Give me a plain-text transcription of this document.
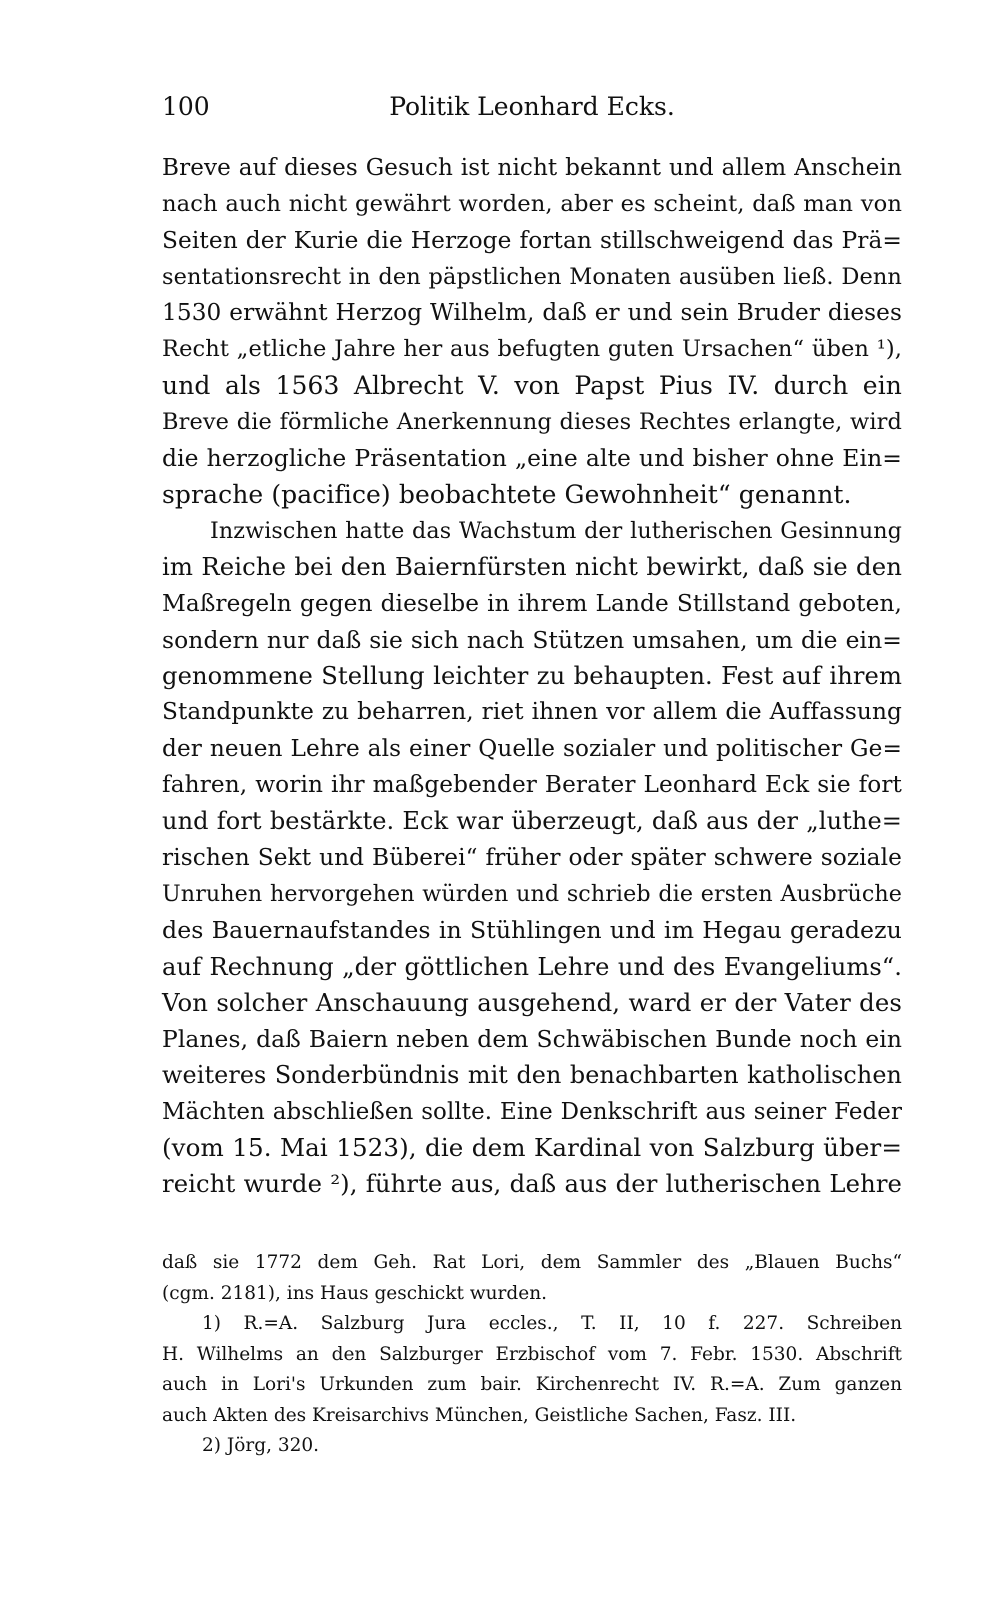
100	Politik Leonhard Ecks.
Breve auf dieses Gesuch ist nicht bekannt und allem Anschein
nach auch nicht gewährt worden, aber es scheint, daß man von
Seiten der Kurie die Herzoge fortan stillschweigend das Prä=
sentationsrecht in den päpstlichen Monaten ausüben ließ. Denn
1530 erwähnt Herzog Wilhelm, daß er und sein Bruder dieses
Recht „etliche Jahre her aus befugten guten Ursachen“ üben ¹),
und als 1563 Albrecht V. von Papst Pius IV. durch ein
Breve die förmliche Anerkennung dieses Rechtes erlangte, wird
die herzogliche Präsentation „eine alte und bisher ohne Ein=
sprache (pacifice) beobachtete Gewohnheit“ genannt.
Inzwischen hatte das Wachstum der lutherischen Gesinnung
im Reiche bei den Baiernfürsten nicht bewirkt, daß sie den
Maßregeln gegen dieselbe in ihrem Lande Stillstand geboten,
sondern nur daß sie sich nach Stützen umsahen, um die ein=
genommene Stellung leichter zu behaupten. Fest auf ihrem
Standpunkte zu beharren, riet ihnen vor allem die Auffassung
der neuen Lehre als einer Quelle sozialer und politischer Ge=
fahren, worin ihr maßgebender Berater Leonhard Eck sie fort
und fort bestärkte. Eck war überzeugt, daß aus der „luthe=
rischen Sekt und Büberei“ früher oder später schwere soziale
Unruhen hervorgehen würden und schrieb die ersten Ausbrüche
des Bauernaufstandes in Stühlingen und im Hegau geradezu
auf Rechnung „der göttlichen Lehre und des Evangeliums“.
Von solcher Anschauung ausgehend, ward er der Vater des
Planes, daß Baiern neben dem Schwäbischen Bunde noch ein
weiteres Sonderbündnis mit den benachbarten katholischen
Mächten abschließen sollte. Eine Denkschrift aus seiner Feder
(vom 15. Mai 1523), die dem Kardinal von Salzburg über=
reicht wurde ²), führte aus, daß aus der lutherischen Lehre
daß sie 1772 dem Geh. Rat Lori, dem Sammler des „Blauen Buchs“
(cgm. 2181), ins Haus geschickt wurden.
1) R.=A. Salzburg Jura eccles., T. II, 10 f. 227. Schreiben
H. Wilhelms an den Salzburger Erzbischof vom 7. Febr. 1530. Abschrift
auch in Lori's Urkunden zum bair. Kirchenrecht IV. R.=A. Zum ganzen
auch Akten des Kreisarchivs München, Geistliche Sachen, Fasz. III.
2) Jörg, 320.
